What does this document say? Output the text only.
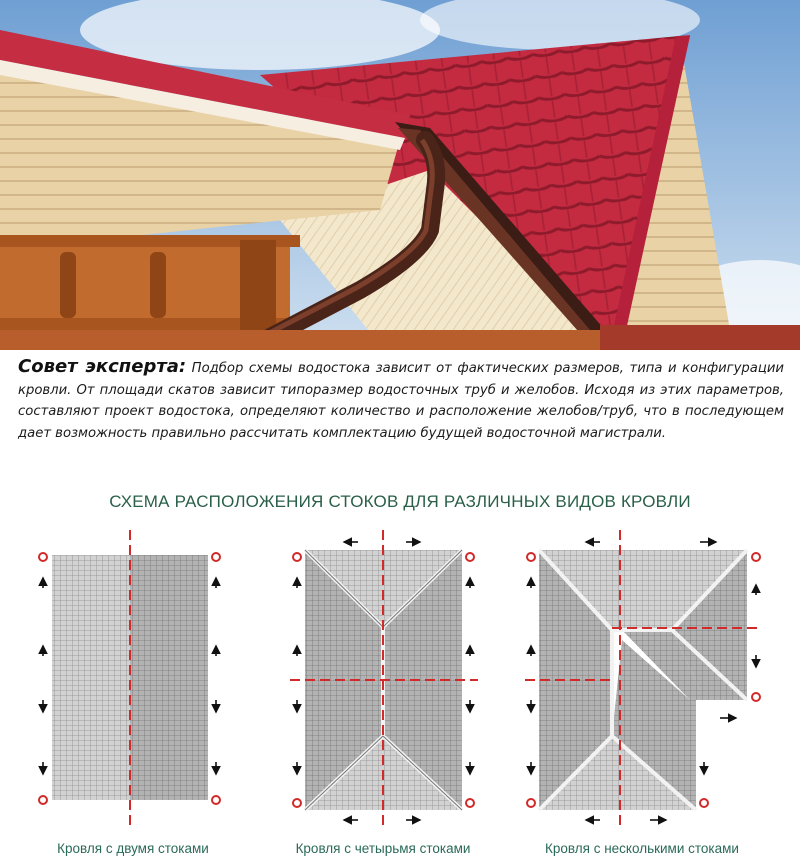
Совет эксперта: Подбор схемы водостока зависит от фактических размеров, типа и конфигурации кровли. От площади скатов зависит типоразмер водосточных труб и желобов. Исходя из этих параметров, составляют проект водостока, определяют количество и расположение желобов/труб, что в последующем дает возможность правильно рассчитать комплектацию будущей водосточной магистрали.

СХЕМА РАСПОЛОЖЕНИЯ СТОКОВ ДЛЯ РАЗЛИЧНЫХ ВИДОВ КРОВЛИ
Кровля с двумя стоками	Кровля с четырьмя стоками	Кровля с несколькими стоками
